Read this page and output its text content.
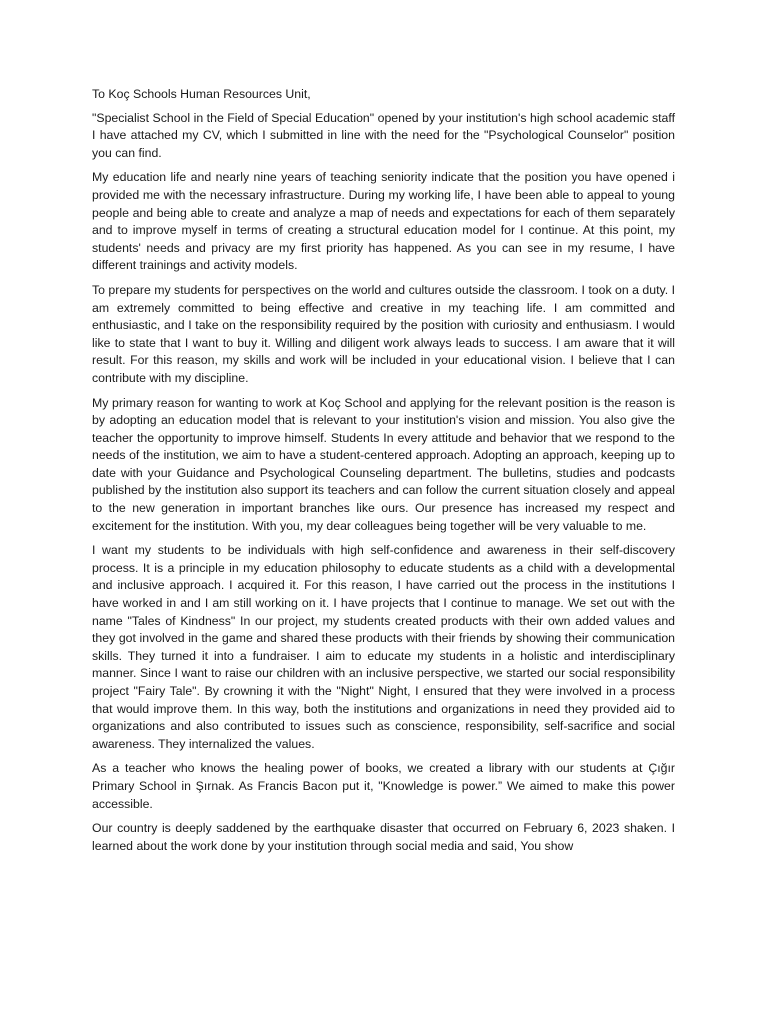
To Koç Schools Human Resources Unit,

"Specialist School in the Field of Special Education" opened by your institution's high school academic staff I have attached my CV, which I submitted in line with the need for the "Psychological Counselor" position you can find.

My education life and nearly nine years of teaching seniority indicate that the position you have opened i provided me with the necessary infrastructure. During my working life, I have been able to appeal to young people and being able to create and analyze a map of needs and expectations for each of them separately and to improve myself in terms of creating a structural education model for I continue. At this point, my students' needs and privacy are my first priority has happened. As you can see in my resume, I have different trainings and activity models.

To prepare my students for perspectives on the world and cultures outside the classroom. I took on a duty. I am extremely committed to being effective and creative in my teaching life. I am committed and enthusiastic, and I take on the responsibility required by the position with curiosity and enthusiasm. I would like to state that I want to buy it. Willing and diligent work always leads to success. I am aware that it will result. For this reason, my skills and work will be included in your educational vision. I believe that I can contribute with my discipline.

My primary reason for wanting to work at Koç School and applying for the relevant position is the reason is by adopting an education model that is relevant to your institution's vision and mission. You also give the teacher the opportunity to improve himself. Students In every attitude and behavior that we respond to the needs of the institution, we aim to have a student-centered approach. Adopting an approach, keeping up to date with your Guidance and Psychological Counseling department. The bulletins, studies and podcasts published by the institution also support its teachers and can follow the current situation closely and appeal to the new generation in important branches like ours. Our presence has increased my respect and excitement for the institution. With you, my dear colleagues being together will be very valuable to me.

I want my students to be individuals with high self-confidence and awareness in their self-discovery process. It is a principle in my education philosophy to educate students as a child with a developmental and inclusive approach. I acquired it. For this reason, I have carried out the process in the institutions I have worked in and I am still working on it. I have projects that I continue to manage. We set out with the name "Tales of Kindness" In our project, my students created products with their own added values and they got involved in the game and shared these products with their friends by showing their communication skills. They turned it into a fundraiser. I aim to educate my students in a holistic and interdisciplinary manner. Since I want to raise our children with an inclusive perspective, we started our social responsibility project "Fairy Tale". By crowning it with the "Night" Night, I ensured that they were involved in a process that would improve them. In this way, both the institutions and organizations in need they provided aid to organizations and also contributed to issues such as conscience, responsibility, self-sacrifice and social awareness. They internalized the values.

As a teacher who knows the healing power of books, we created a library with our students at Çığır Primary School in Şırnak. As Francis Bacon put it, "Knowledge is power.” We aimed to make this power accessible.

Our country is deeply saddened by the earthquake disaster that occurred on February 6, 2023 shaken. I learned about the work done by your institution through social media and said, You show
